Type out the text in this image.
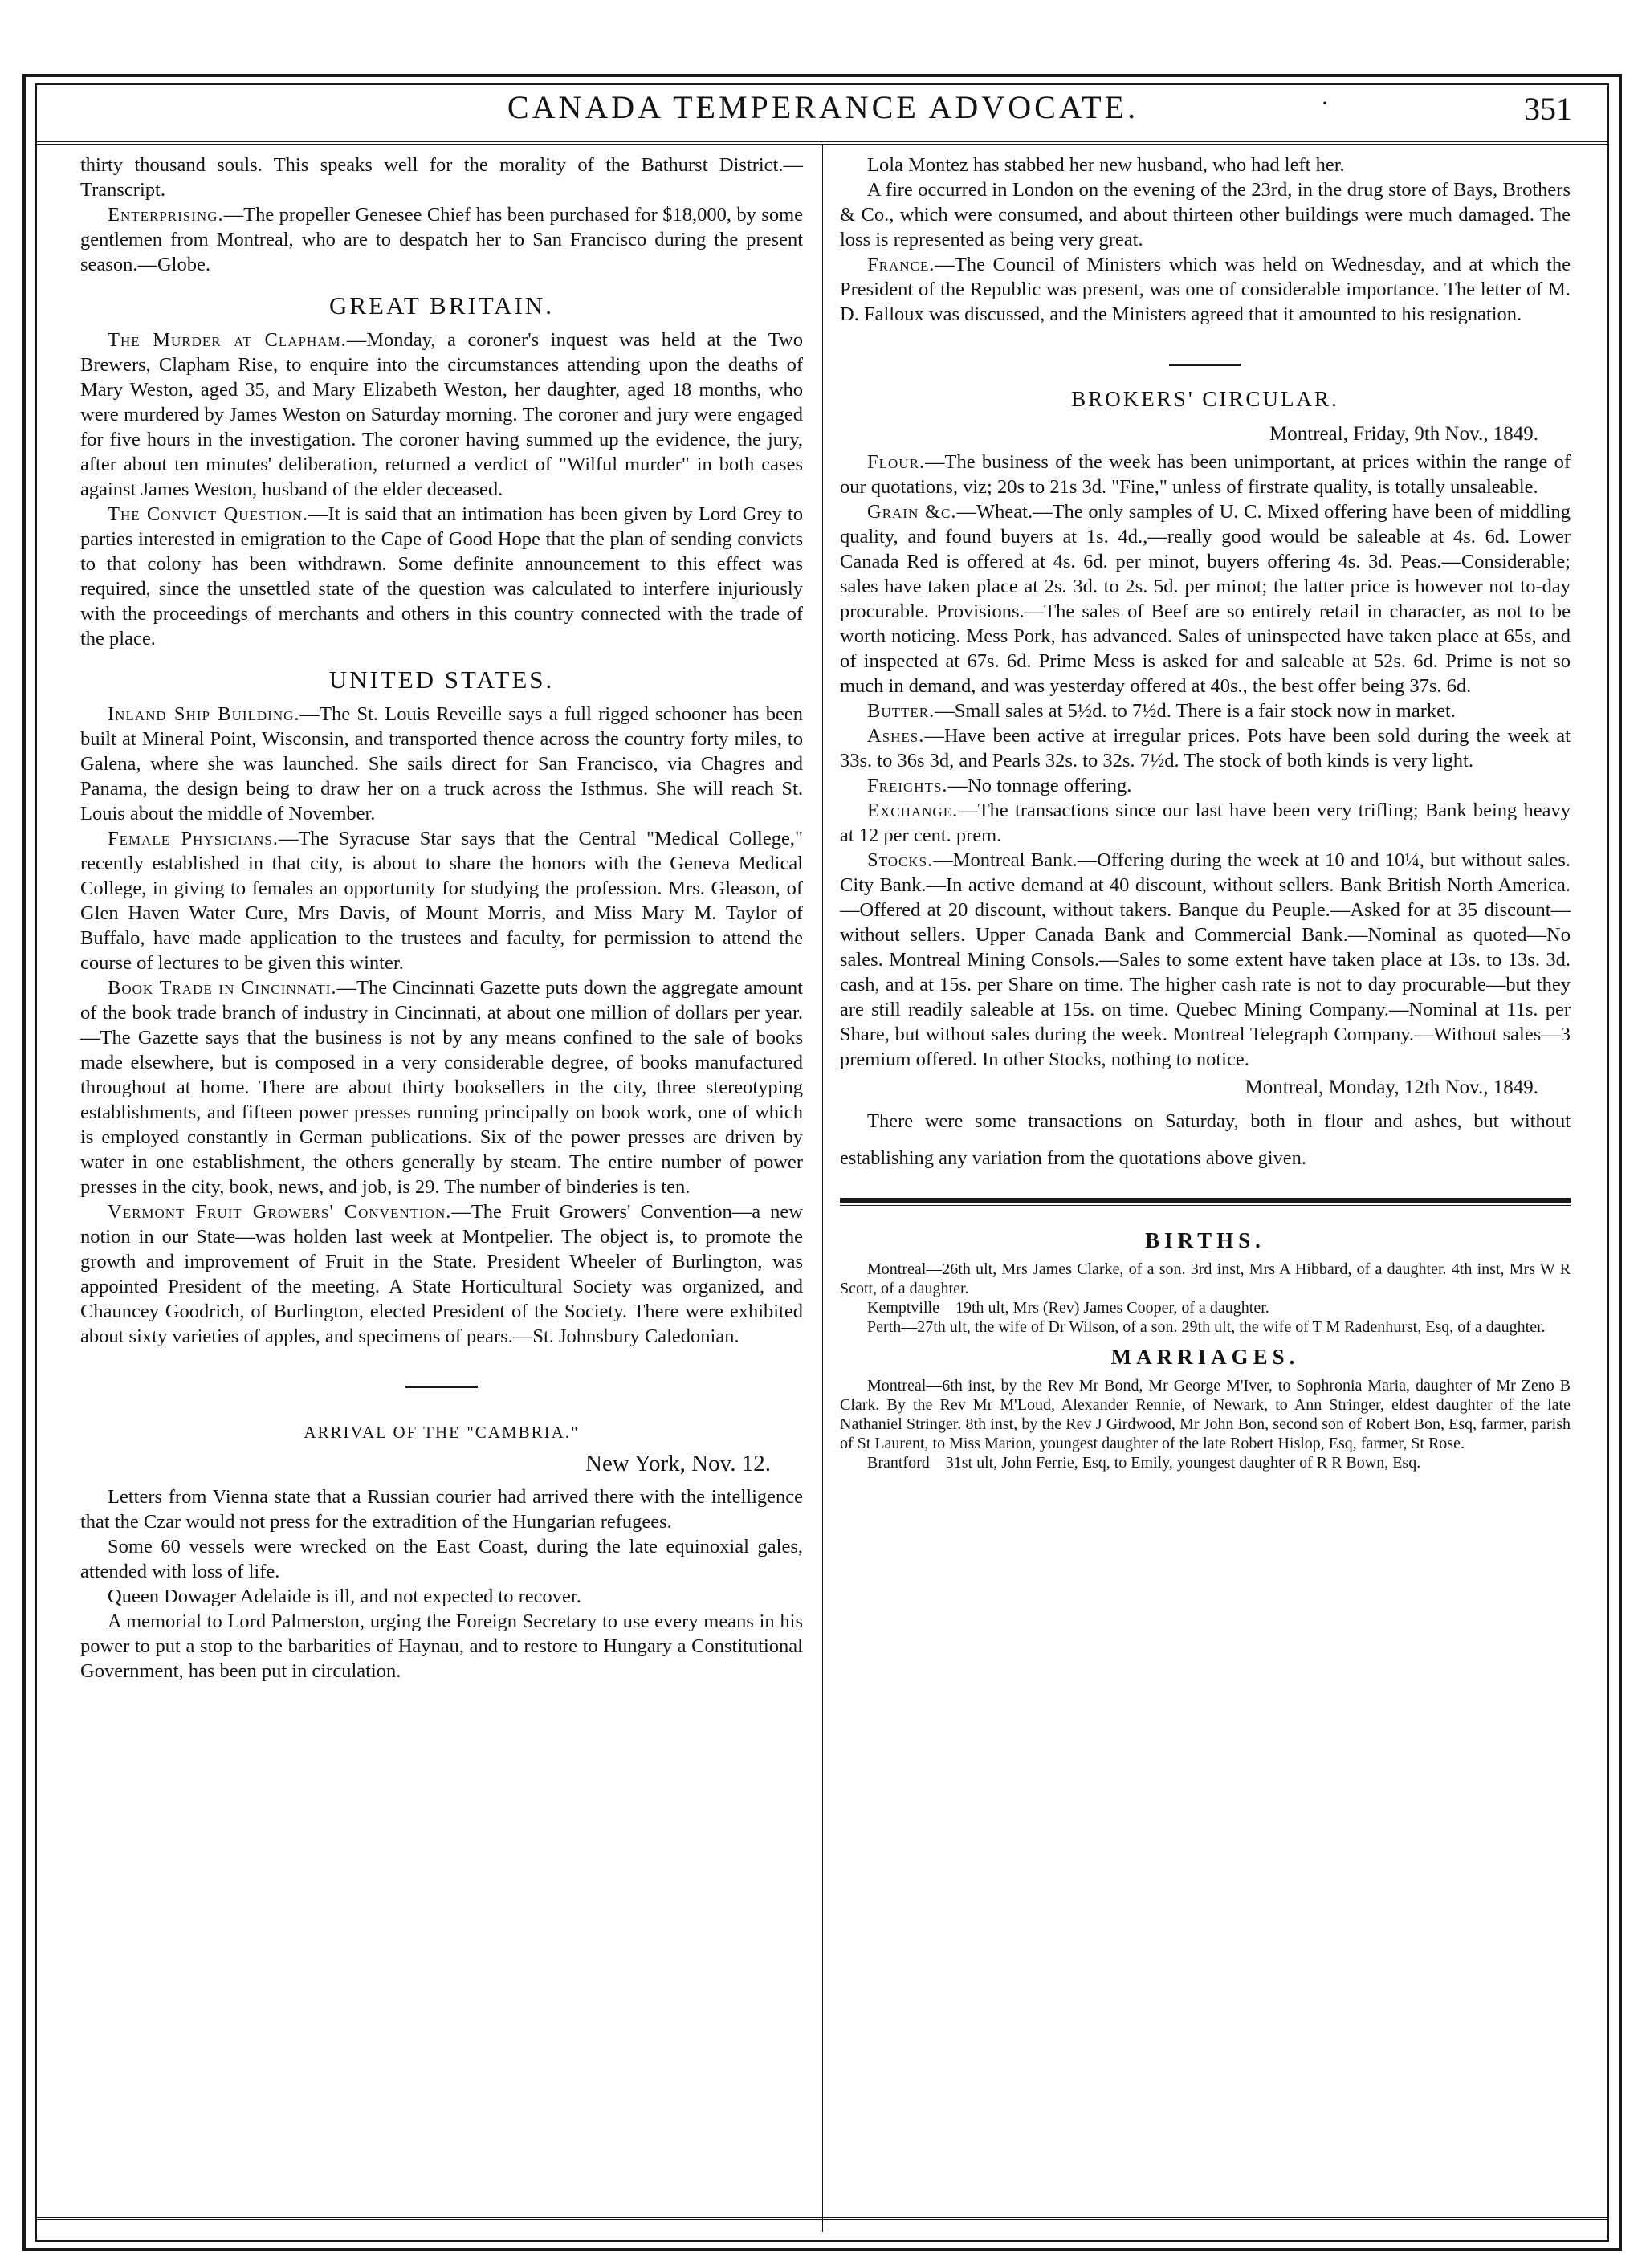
CANADA TEMPERANCE ADVOCATE.	·	351

thirty thousand souls. This speaks well for the morality of the Bathurst District.—Transcript.

Enterprising.—The propeller Genesee Chief has been purchased for $18,000, by some gentlemen from Montreal, who are to despatch her to San Francisco during the present season.—Globe.

GREAT BRITAIN.

The Murder at Clapham.—Monday, a coroner's inquest was held at the Two Brewers, Clapham Rise, to enquire into the circumstances attending upon the deaths of Mary Weston, aged 35, and Mary Elizabeth Weston, her daughter, aged 18 months, who were murdered by James Weston on Saturday morning. The coroner and jury were engaged for five hours in the investigation. The coroner having summed up the evidence, the jury, after about ten minutes' deliberation, returned a verdict of "Wilful murder" in both cases against James Weston, husband of the elder deceased.

The Convict Question.—It is said that an intimation has been given by Lord Grey to parties interested in emigration to the Cape of Good Hope that the plan of sending convicts to that colony has been withdrawn. Some definite announcement to this effect was required, since the unsettled state of the question was calculated to interfere injuriously with the proceedings of merchants and others in this country connected with the trade of the place.

UNITED STATES.

Inland Ship Building.—The St. Louis Reveille says a full rigged schooner has been built at Mineral Point, Wisconsin, and transported thence across the country forty miles, to Galena, where she was launched. She sails direct for San Francisco, via Chagres and Panama, the design being to draw her on a truck across the Isthmus. She will reach St. Louis about the middle of November.

Female Physicians.—The Syracuse Star says that the Central "Medical College," recently established in that city, is about to share the honors with the Geneva Medical College, in giving to females an opportunity for studying the profession. Mrs. Gleason, of Glen Haven Water Cure, Mrs Davis, of Mount Morris, and Miss Mary M. Taylor of Buffalo, have made application to the trustees and faculty, for permission to attend the course of lectures to be given this winter.

Book Trade in Cincinnati.—The Cincinnati Gazette puts down the aggregate amount of the book trade branch of industry in Cincinnati, at about one million of dollars per year.—The Gazette says that the business is not by any means confined to the sale of books made elsewhere, but is composed in a very considerable degree, of books manufactured throughout at home. There are about thirty booksellers in the city, three stereotyping establishments, and fifteen power presses running principally on book work, one of which is employed constantly in German publications. Six of the power presses are driven by water in one establishment, the others generally by steam. The entire number of power presses in the city, book, news, and job, is 29. The number of binderies is ten.

Vermont Fruit Growers' Convention.—The Fruit Growers' Convention—a new notion in our State—was holden last week at Montpelier. The object is, to promote the growth and improvement of Fruit in the State. President Wheeler of Burlington, was appointed President of the meeting. A State Horticultural Society was organized, and Chauncey Goodrich, of Burlington, elected President of the Society. There were exhibited about sixty varieties of apples, and specimens of pears.—St. Johnsbury Caledonian.

ARRIVAL OF THE "CAMBRIA."
New York, Nov. 12.

Letters from Vienna state that a Russian courier had arrived there with the intelligence that the Czar would not press for the extradition of the Hungarian refugees.

Some 60 vessels were wrecked on the East Coast, during the late equinoxial gales, attended with loss of life.

Queen Dowager Adelaide is ill, and not expected to recover.

A memorial to Lord Palmerston, urging the Foreign Secretary to use every means in his power to put a stop to the barbarities of Haynau, and to restore to Hungary a Constitutional Government, has been put in circulation.

Lola Montez has stabbed her new husband, who had left her.

A fire occurred in London on the evening of the 23rd, in the drug store of Bays, Brothers & Co., which were consumed, and about thirteen other buildings were much damaged. The loss is represented as being very great.

France.—The Council of Ministers which was held on Wednesday, and at which the President of the Republic was present, was one of considerable importance. The letter of M. D. Falloux was discussed, and the Ministers agreed that it amounted to his resignation.

BROKERS' CIRCULAR.
Montreal, Friday, 9th Nov., 1849.

Flour.—The business of the week has been unimportant, at prices within the range of our quotations, viz; 20s to 21s 3d. "Fine," unless of firstrate quality, is totally unsaleable.

Grain &c.—Wheat.—The only samples of U. C. Mixed offering have been of middling quality, and found buyers at 1s. 4d.,—really good would be saleable at 4s. 6d. Lower Canada Red is offered at 4s. 6d. per minot, buyers offering 4s. 3d. Peas.—Considerable; sales have taken place at 2s. 3d. to 2s. 5d. per minot; the latter price is however not to-day procurable. Provisions.—The sales of Beef are so entirely retail in character, as not to be worth noticing. Mess Pork, has advanced. Sales of uninspected have taken place at 65s, and of inspected at 67s. 6d. Prime Mess is asked for and saleable at 52s. 6d. Prime is not so much in demand, and was yesterday offered at 40s., the best offer being 37s. 6d.

Butter.—Small sales at 5½d. to 7½d. There is a fair stock now in market.

Ashes.—Have been active at irregular prices. Pots have been sold during the week at 33s. to 36s 3d, and Pearls 32s. to 32s. 7½d. The stock of both kinds is very light.

Freights.—No tonnage offering.

Exchange.—The transactions since our last have been very trifling; Bank being heavy at 12 per cent. prem.

Stocks.—Montreal Bank.—Offering during the week at 10 and 10¼, but without sales. City Bank.—In active demand at 40 discount, without sellers. Bank British North America.—Offered at 20 discount, without takers. Banque du Peuple.—Asked for at 35 discount—without sellers. Upper Canada Bank and Commercial Bank.—Nominal as quoted—No sales. Montreal Mining Consols.—Sales to some extent have taken place at 13s. to 13s. 3d. cash, and at 15s. per Share on time. The higher cash rate is not to day procurable—but they are still readily saleable at 15s. on time. Quebec Mining Company.—Nominal at 11s. per Share, but without sales during the week. Montreal Telegraph Company.—Without sales—3 premium offered. In other Stocks, nothing to notice.

Montreal, Monday, 12th Nov., 1849.

There were some transactions on Saturday, both in flour and ashes, but without establishing any variation from the quotations above given.

BIRTHS.

Montreal—26th ult, Mrs James Clarke, of a son. 3rd inst, Mrs A Hibbard, of a daughter. 4th inst, Mrs W R Scott, of a daughter.

Kemptville—19th ult, Mrs (Rev) James Cooper, of a daughter.

Perth—27th ult, the wife of Dr Wilson, of a son. 29th ult, the wife of T M Radenhurst, Esq, of a daughter.

MARRIAGES.

Montreal—6th inst, by the Rev Mr Bond, Mr George M'Iver, to Sophronia Maria, daughter of Mr Zeno B Clark. By the Rev Mr M'Loud, Alexander Rennie, of Newark, to Ann Stringer, eldest daughter of the late Nathaniel Stringer. 8th inst, by the Rev J Girdwood, Mr John Bon, second son of Robert Bon, Esq, farmer, parish of St Laurent, to Miss Marion, youngest daughter of the late Robert Hislop, Esq, farmer, St Rose.

Brantford—31st ult, John Ferrie, Esq, to Emily, youngest daughter of R R Bown, Esq.
